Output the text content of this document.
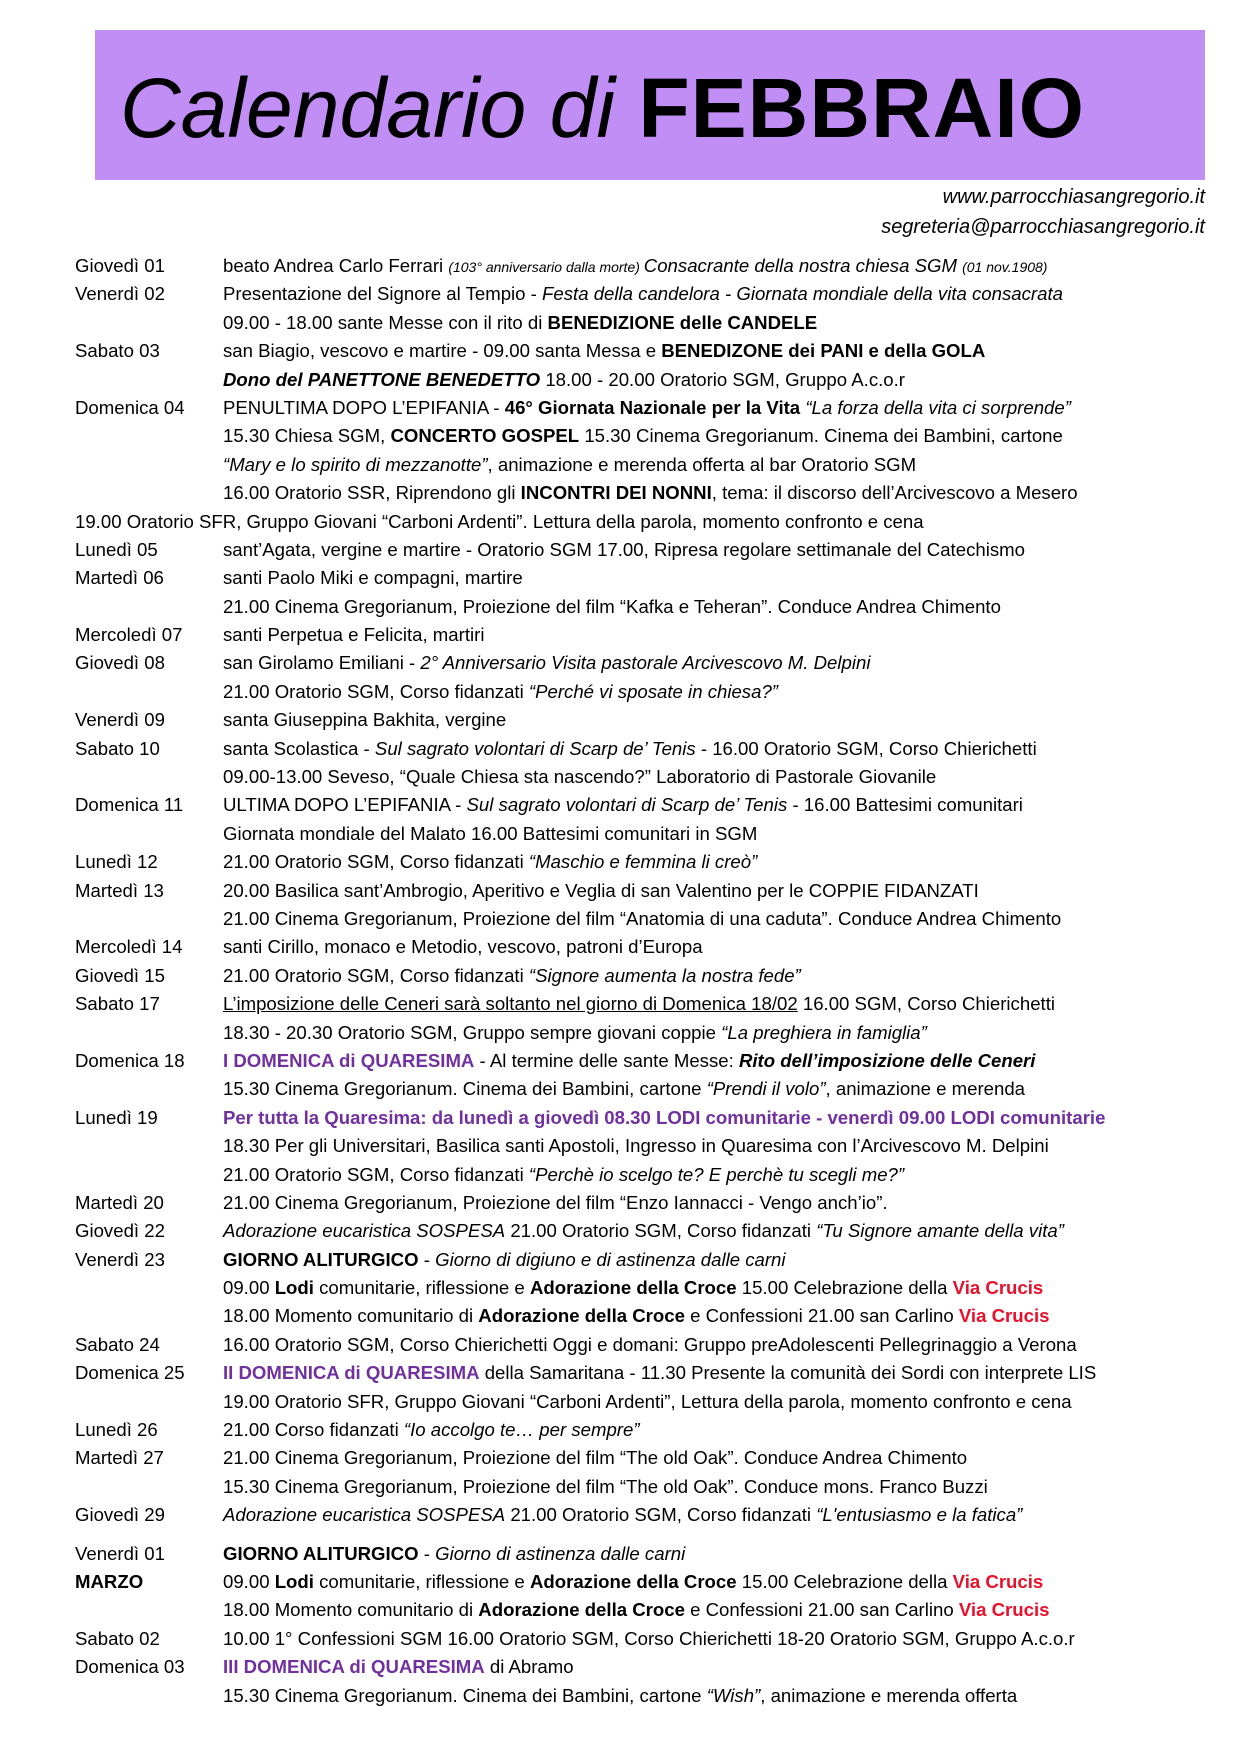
Calendario di FEBBRAIO
www.parrocchiasangregorio.it
segreteria@parrocchiasangregorio.it
Giovedì 01	beato Andrea Carlo Ferrari (103° anniversario dalla morte) Consacrante della nostra chiesa SGM (01 nov.1908)
Venerdì 02	Presentazione del Signore al Tempio - Festa della candelora - Giornata mondiale della vita consacrata
09.00 - 18.00 sante Messe con il rito di BENEDIZIONE delle CANDELE
Sabato 03	san Biagio, vescovo e martire - 09.00 santa Messa e BENEDIZONE dei PANI e della GOLA
Dono del PANETTONE BENEDETTO 18.00 - 20.00 Oratorio SGM, Gruppo A.c.o.r
Domenica 04 PENULTIMA DOPO L’EPIFANIA - 46° Giornata Nazionale per la Vita “La forza della vita ci sorprende”
15.30 Chiesa SGM, CONCERTO GOSPEL 15.30 Cinema Gregorianum. Cinema dei Bambini, cartone
“Mary e lo spirito di mezzanotte”, animazione e merenda offerta al bar Oratorio SGM
16.00 Oratorio SSR, Riprendono gli INCONTRI DEI NONNI, tema: il discorso dell’Arcivescovo a Mesero
19.00 Oratorio SFR, Gruppo Giovani “Carboni Ardenti”. Lettura della parola, momento confronto e cena
Lunedì 05	sant’Agata, vergine e martire - Oratorio SGM 17.00, Ripresa regolare settimanale del Catechismo
Martedì 06	santi Paolo Miki e compagni, martire
21.00 Cinema Gregorianum, Proiezione del film “Kafka e Teheran”. Conduce Andrea Chimento
Mercoledì 07 santi Perpetua e Felicita, martiri
Giovedì 08	san Girolamo Emiliani - 2° Anniversario Visita pastorale Arcivescovo M. Delpini
21.00 Oratorio SGM, Corso fidanzati “Perché vi sposate in chiesa?”
Venerdì 09	santa Giuseppina Bakhita, vergine
Sabato 10	santa Scolastica - Sul sagrato volontari di Scarp de’ Tenis - 16.00 Oratorio SGM, Corso Chierichetti
09.00-13.00 Seveso, “Quale Chiesa sta nascendo?” Laboratorio di Pastorale Giovanile
Domenica 11 ULTIMA DOPO L’EPIFANIA - Sul sagrato volontari di Scarp de’ Tenis - 16.00 Battesimi comunitari
Giornata mondiale del Malato 16.00 Battesimi comunitari in SGM
Lunedì 12	21.00 Oratorio SGM, Corso fidanzati “Maschio e femmina li creò”
Martedì 13	20.00 Basilica sant’Ambrogio, Aperitivo e Veglia di san Valentino per le COPPIE FIDANZATI
21.00 Cinema Gregorianum, Proiezione del film “Anatomia di una caduta”. Conduce Andrea Chimento
Mercoledì 14 santi Cirillo, monaco e Metodio, vescovo, patroni d’Europa
Giovedì 15	21.00 Oratorio SGM, Corso fidanzati “Signore aumenta la nostra fede”
Sabato 17	L’imposizione delle Ceneri sarà soltanto nel giorno di Domenica 18/02 16.00 SGM, Corso Chierichetti
18.30 - 20.30 Oratorio SGM, Gruppo sempre giovani coppie “La preghiera in famiglia”
Domenica 18 I DOMENICA di QUARESIMA - Al termine delle sante Messe: Rito dell’imposizione delle Ceneri
15.30 Cinema Gregorianum. Cinema dei Bambini, cartone “Prendi il volo”, animazione e merenda
Lunedì 19	Per tutta la Quaresima: da lunedì a giovedì 08.30 LODI comunitarie - venerdì 09.00 LODI comunitarie
18.30 Per gli Universitari, Basilica santi Apostoli, Ingresso in Quaresima con l’Arcivescovo M. Delpini
21.00 Oratorio SGM, Corso fidanzati “Perchè io scelgo te? E perchè tu scegli me?”
Martedì 20	21.00 Cinema Gregorianum, Proiezione del film “Enzo Iannacci - Vengo anch’io”.
Giovedì 22	Adorazione eucaristica SOSPESA 21.00 Oratorio SGM, Corso fidanzati “Tu Signore amante della vita”
Venerdì 23	GIORNO ALITURGICO - Giorno di digiuno e di astinenza dalle carni
09.00 Lodi comunitarie, riflessione e Adorazione della Croce 15.00 Celebrazione della Via Crucis
18.00 Momento comunitario di Adorazione della Croce e Confessioni 21.00 san Carlino Via Crucis
Sabato 24	16.00 Oratorio SGM, Corso Chierichetti Oggi e domani: Gruppo preAdolescenti Pellegrinaggio a Verona
Domenica 25 II DOMENICA di QUARESIMA della Samaritana - 11.30 Presente la comunità dei Sordi con interprete LIS
19.00 Oratorio SFR, Gruppo Giovani “Carboni Ardenti”, Lettura della parola, momento confronto e cena
Lunedì 26	21.00 Corso fidanzati “Io accolgo te… per sempre”
Martedì 27	21.00 Cinema Gregorianum, Proiezione del film “The old Oak”. Conduce Andrea Chimento
15.30 Cinema Gregorianum, Proiezione del film “The old Oak”. Conduce mons. Franco Buzzi
Giovedì 29	Adorazione eucaristica SOSPESA 21.00 Oratorio SGM, Corso fidanzati “L'entusiasmo e la fatica”
Venerdì 01	GIORNO ALITURGICO - Giorno di astinenza dalle carni
MARZO	09.00 Lodi comunitarie, riflessione e Adorazione della Croce 15.00 Celebrazione della Via Crucis
18.00 Momento comunitario di Adorazione della Croce e Confessioni 21.00 san Carlino Via Crucis
Sabato 02	10.00 1° Confessioni SGM 16.00 Oratorio SGM, Corso Chierichetti 18-20 Oratorio SGM, Gruppo A.c.o.r
Domenica 03 III DOMENICA di QUARESIMA di Abramo
15.30 Cinema Gregorianum. Cinema dei Bambini, cartone “Wish”, animazione e merenda offerta
